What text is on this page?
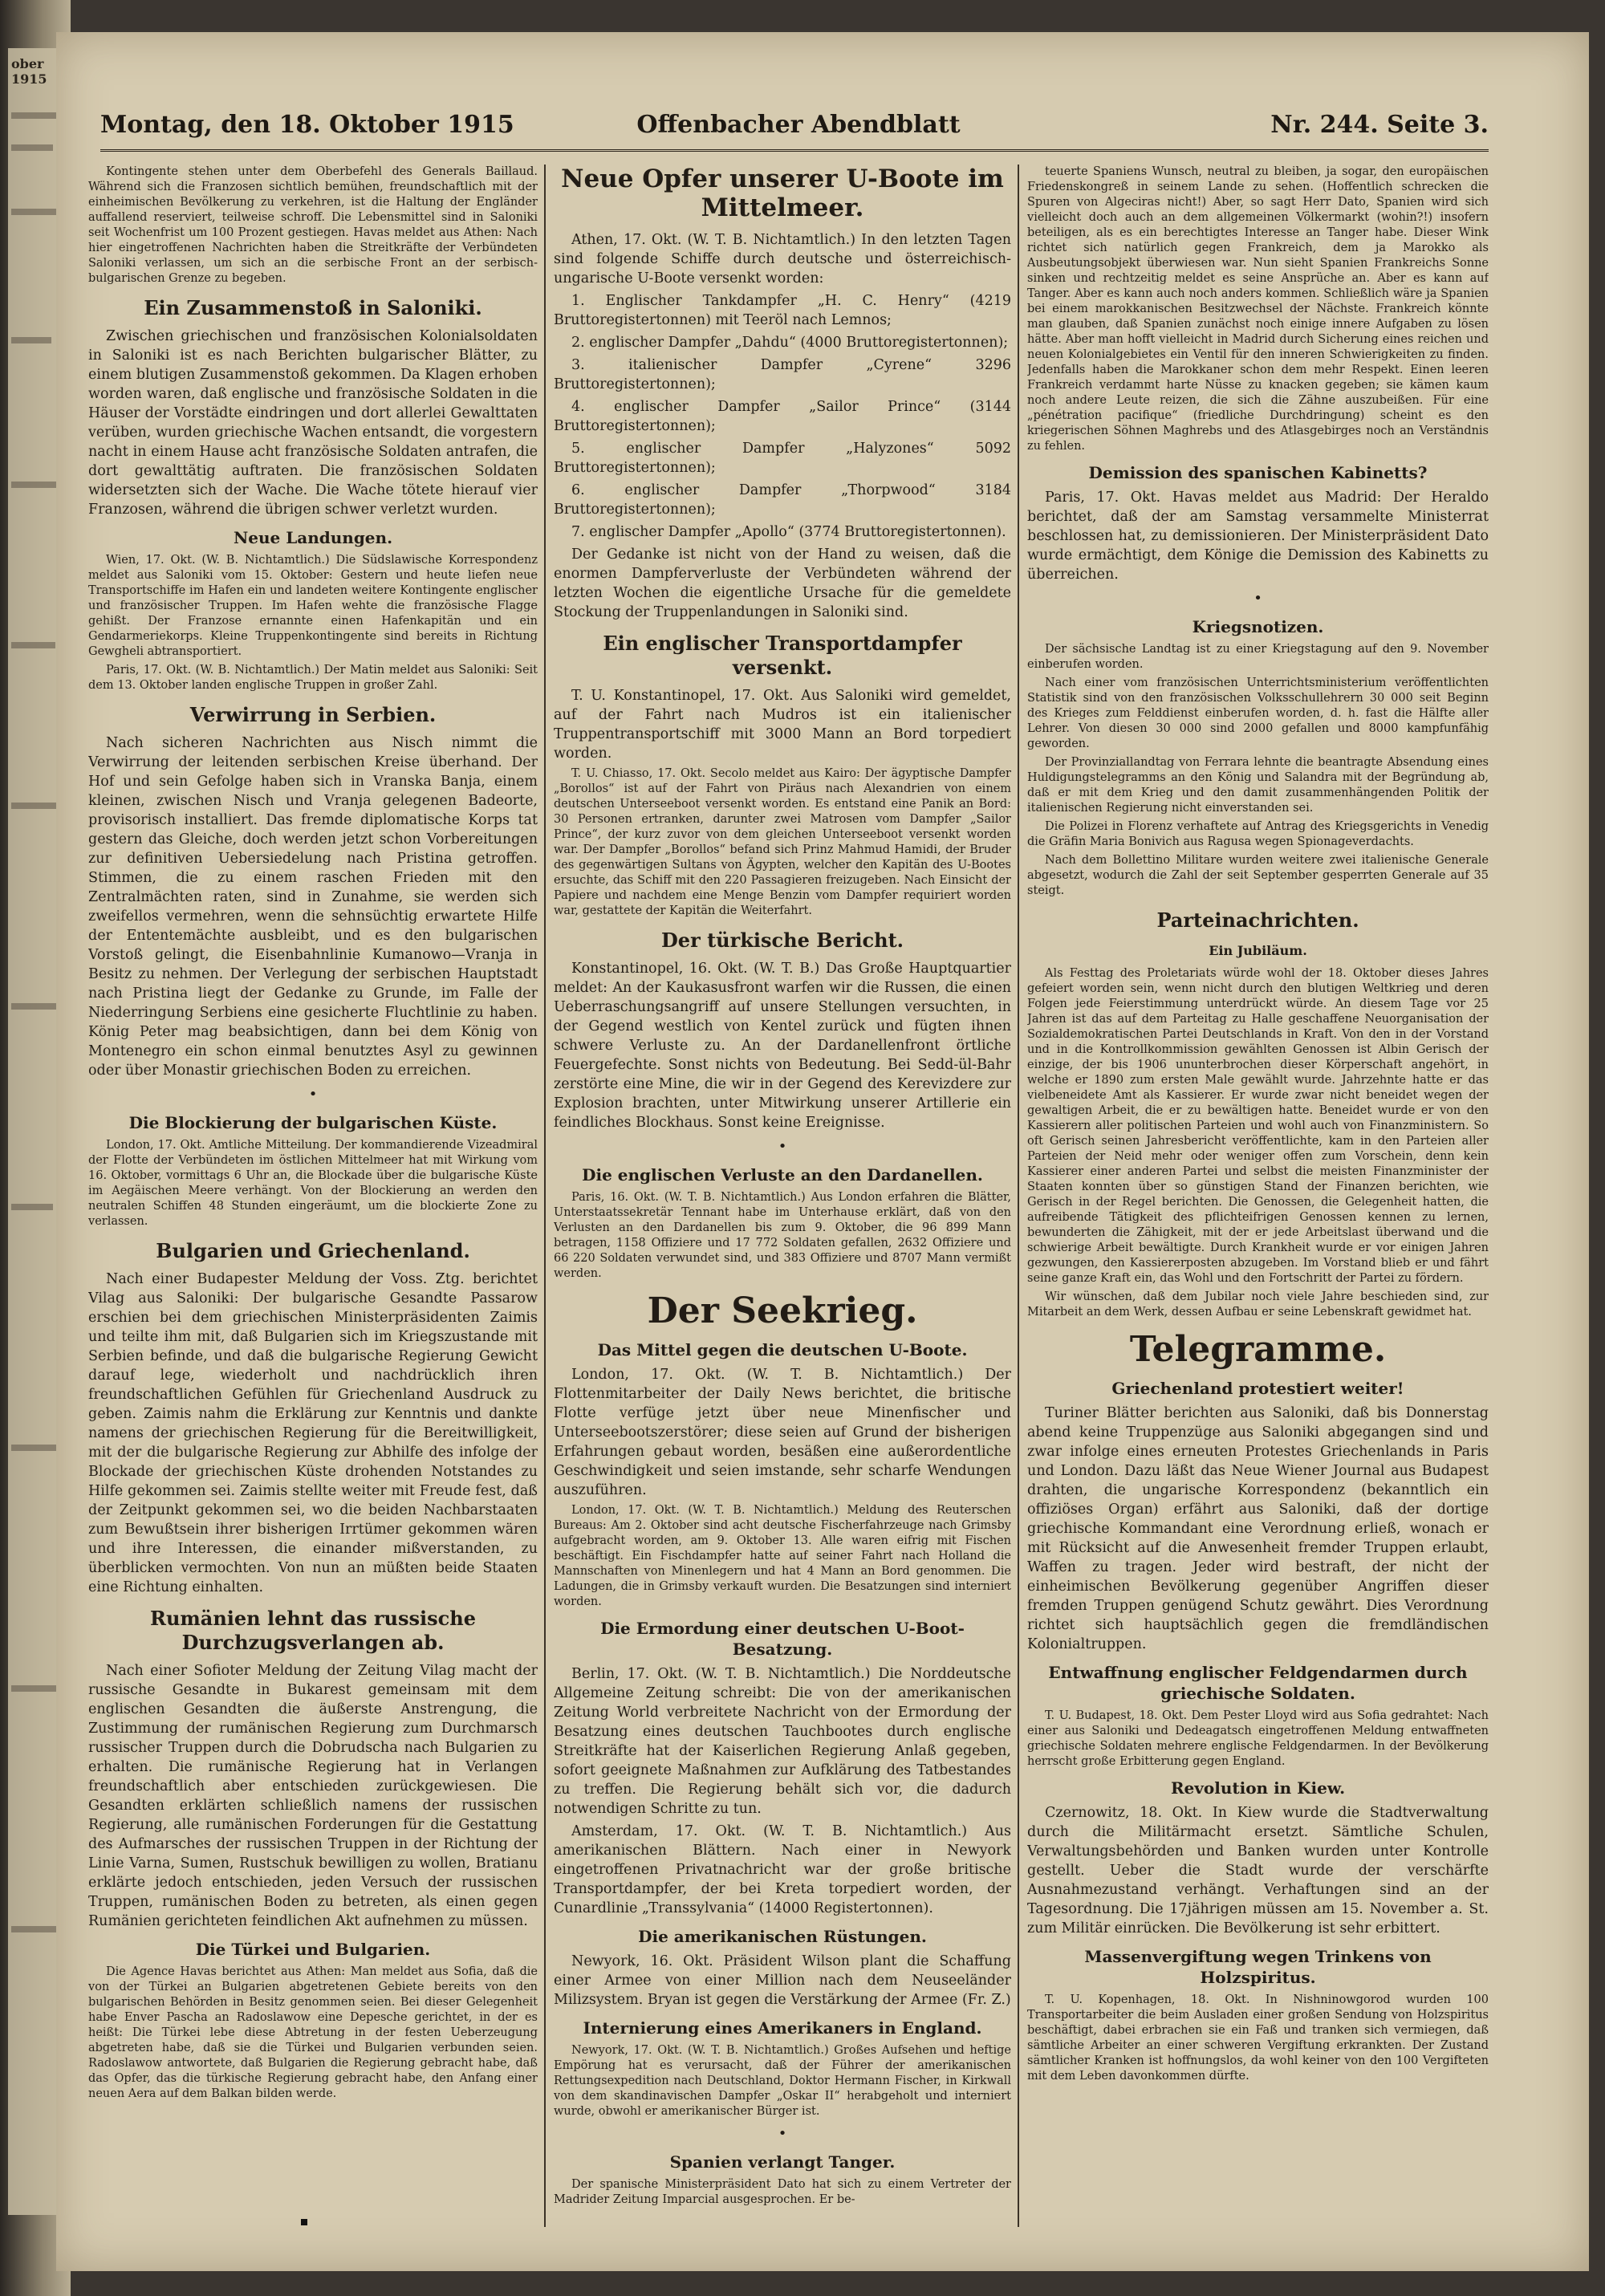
ober 1915
Montag, den 18. Oktober 1915	Offenbacher Abendblatt	Nr. 244. Seite 3.

Kontingente stehen unter dem Oberbefehl des Generals Baillaud. Während sich die Franzosen sichtlich bemühen, freundschaftlich mit der einheimischen Bevölkerung zu verkehren, ist die Haltung der Engländer auffallend reserviert, teilweise schroff. Die Lebensmittel sind in Saloniki seit Wochenfrist um 100 Prozent gestiegen. Havas meldet aus Athen: Nach hier eingetroffenen Nachrichten haben die Streitkräfte der Verbündeten Saloniki verlassen, um sich an die serbische Front an der serbisch-bulgarischen Grenze zu begeben.

Ein Zusammenstoß in Saloniki.

Zwischen griechischen und französischen Kolonialsoldaten in Saloniki ist es nach Berichten bulgarischer Blätter, zu einem blutigen Zusammenstoß gekommen. Da Klagen erhoben worden waren, daß englische und französische Soldaten in die Häuser der Vorstädte eindringen und dort allerlei Gewalttaten verüben, wurden griechische Wachen entsandt, die vorgestern nacht in einem Hause acht französische Soldaten antrafen, die dort gewalttätig auftraten. Die französischen Soldaten widersetzten sich der Wache. Die Wache tötete hierauf vier Franzosen, während die übrigen schwer verletzt wurden.

Neue Landungen.

Wien, 17. Okt. (W. B. Nichtamtlich.) Die Südslawische Korrespondenz meldet aus Saloniki vom 15. Oktober: Gestern und heute liefen neue Transportschiffe im Hafen ein und landeten weitere Kontingente englischer und französischer Truppen. Im Hafen wehte die französische Flagge gehißt. Der Franzose ernannte einen Hafenkapitän und ein Gendarmeriekorps. Kleine Truppenkontingente sind bereits in Richtung Gewgheli abtransportiert.

Paris, 17. Okt. (W. B. Nichtamtlich.) Der Matin meldet aus Saloniki: Seit dem 13. Oktober landen englische Truppen in großer Zahl.

Verwirrung in Serbien.

Nach sicheren Nachrichten aus Nisch nimmt die Verwirrung der leitenden serbischen Kreise überhand. Der Hof und sein Gefolge haben sich in Vranska Banja, einem kleinen, zwischen Nisch und Vranja gelegenen Badeorte, provisorisch installiert. Das fremde diplomatische Korps tat gestern das Gleiche, doch werden jetzt schon Vorbereitungen zur definitiven Uebersiedelung nach Pristina getroffen. Stimmen, die zu einem raschen Frieden mit den Zentralmächten raten, sind in Zunahme, sie werden sich zweifellos vermehren, wenn die sehnsüchtig erwartete Hilfe der Ententemächte ausbleibt, und es den bulgarischen Vorstoß gelingt, die Eisenbahnlinie Kumanowo—Vranja in Besitz zu nehmen. Der Verlegung der serbischen Hauptstadt nach Pristina liegt der Gedanke zu Grunde, im Falle der Niederringung Serbiens eine gesicherte Fluchtlinie zu haben. König Peter mag beabsichtigen, dann bei dem König von Montenegro ein schon einmal benutztes Asyl zu gewinnen oder über Monastir griechischen Boden zu erreichen.

•
Die Blockierung der bulgarischen Küste.

London, 17. Okt. Amtliche Mitteilung. Der kommandierende Vizeadmiral der Flotte der Verbündeten im östlichen Mittelmeer hat mit Wirkung vom 16. Oktober, vormittags 6 Uhr an, die Blockade über die bulgarische Küste im Aegäischen Meere verhängt. Von der Blockierung an werden den neutralen Schiffen 48 Stunden eingeräumt, um die blockierte Zone zu verlassen.

Bulgarien und Griechenland.

Nach einer Budapester Meldung der Voss. Ztg. berichtet Vilag aus Saloniki: Der bulgarische Gesandte Passarow erschien bei dem griechischen Ministerpräsidenten Zaimis und teilte ihm mit, daß Bulgarien sich im Kriegszustande mit Serbien befinde, und daß die bulgarische Regierung Gewicht darauf lege, wiederholt und nachdrücklich ihren freundschaftlichen Gefühlen für Griechenland Ausdruck zu geben. Zaimis nahm die Erklärung zur Kenntnis und dankte namens der griechischen Regierung für die Bereitwilligkeit, mit der die bulgarische Regierung zur Abhilfe des infolge der Blockade der griechischen Küste drohenden Notstandes zu Hilfe gekommen sei. Zaimis stellte weiter mit Freude fest, daß der Zeitpunkt gekommen sei, wo die beiden Nachbarstaaten zum Bewußtsein ihrer bisherigen Irrtümer gekommen wären und ihre Interessen, die einander mißverstanden, zu überblicken vermochten. Von nun an müßten beide Staaten eine Richtung einhalten.

Rumänien lehnt das russische Durchzugsverlangen ab.

Nach einer Sofioter Meldung der Zeitung Vilag macht der russische Gesandte in Bukarest gemeinsam mit dem englischen Gesandten die äußerste Anstrengung, die Zustimmung der rumänischen Regierung zum Durchmarsch russischer Truppen durch die Dobrudscha nach Bulgarien zu erhalten. Die rumänische Regierung hat in Verlangen freundschaftlich aber entschieden zurückgewiesen. Die Gesandten erklärten schließlich namens der russischen Regierung, alle rumänischen Forderungen für die Gestattung des Aufmarsches der russischen Truppen in der Richtung der Linie Varna, Sumen, Rustschuk bewilligen zu wollen, Bratianu erklärte jedoch entschieden, jeden Versuch der russischen Truppen, rumänischen Boden zu betreten, als einen gegen Rumänien gerichteten feindlichen Akt aufnehmen zu müssen.

Die Türkei und Bulgarien.

Die Agence Havas berichtet aus Athen: Man meldet aus Sofia, daß die von der Türkei an Bulgarien abgetretenen Gebiete bereits von den bulgarischen Behörden in Besitz genommen seien. Bei dieser Gelegenheit habe Enver Pascha an Radoslawow eine Depesche gerichtet, in der es heißt: Die Türkei lebe diese Abtretung in der festen Ueberzeugung abgetreten habe, daß sie die Türkei und Bulgarien verbunden seien. Radoslawow antwortete, daß Bulgarien die Regierung gebracht habe, daß das Opfer, das die türkische Regierung gebracht habe, den Anfang einer neuen Aera auf dem Balkan bilden werde.

Neue Opfer unserer U-Boote im Mittelmeer.

Athen, 17. Okt. (W. T. B. Nichtamtlich.) In den letzten Tagen sind folgende Schiffe durch deutsche und österreichisch-ungarische U-Boote versenkt worden:

1. Englischer Tankdampfer „H. C. Henry“ (4219 Bruttoregistertonnen) mit Teeröl nach Lemnos;

2. englischer Dampfer „Dahdu“ (4000 Bruttoregistertonnen);

3. italienischer Dampfer „Cyrene“ 3296 Bruttoregistertonnen);

4. englischer Dampfer „Sailor Prince“ (3144 Bruttoregistertonnen);

5. englischer Dampfer „Halyzones“ 5092 Bruttoregistertonnen);

6. englischer Dampfer „Thorpwood“ 3184 Bruttoregistertonnen);

7. englischer Dampfer „Apollo“ (3774 Bruttoregistertonnen).

Der Gedanke ist nicht von der Hand zu weisen, daß die enormen Dampferverluste der Verbündeten während der letzten Wochen die eigentliche Ursache für die gemeldete Stockung der Truppenlandungen in Saloniki sind.

Ein englischer Transportdampfer versenkt.

T. U. Konstantinopel, 17. Okt. Aus Saloniki wird gemeldet, auf der Fahrt nach Mudros ist ein italienischer Truppentransportschiff mit 3000 Mann an Bord torpediert worden.

T. U. Chiasso, 17. Okt. Secolo meldet aus Kairo: Der ägyptische Dampfer „Borollos“ ist auf der Fahrt von Piräus nach Alexandrien von einem deutschen Unterseeboot versenkt worden. Es entstand eine Panik an Bord: 30 Personen ertranken, darunter zwei Matrosen vom Dampfer „Sailor Prince“, der kurz zuvor von dem gleichen Unterseeboot versenkt worden war. Der Dampfer „Borollos“ befand sich Prinz Mahmud Hamidi, der Bruder des gegenwärtigen Sultans von Ägypten, welcher den Kapitän des U-Bootes ersuchte, das Schiff mit den 220 Passagieren freizugeben. Nach Einsicht der Papiere und nachdem eine Menge Benzin vom Dampfer requiriert worden war, gestattete der Kapitän die Weiterfahrt.

Der türkische Bericht.

Konstantinopel, 16. Okt. (W. T. B.) Das Große Hauptquartier meldet: An der Kaukasusfront warfen wir die Russen, die einen Ueberraschungsangriff auf unsere Stellungen versuchten, in der Gegend westlich von Kentel zurück und fügten ihnen schwere Verluste zu. An der Dardanellenfront örtliche Feuergefechte. Sonst nichts von Bedeutung. Bei Sedd-ül-Bahr zerstörte eine Mine, die wir in der Gegend des Kerevizdere zur Explosion brachten, unter Mitwirkung unserer Artillerie ein feindliches Blockhaus. Sonst keine Ereignisse.

•
Die englischen Verluste an den Dardanellen.

Paris, 16. Okt. (W. T. B. Nichtamtlich.) Aus London erfahren die Blätter, Unterstaatssekretär Tennant habe im Unterhause erklärt, daß von den Verlusten an den Dardanellen bis zum 9. Oktober, die 96 899 Mann betragen, 1158 Offiziere und 17 772 Soldaten gefallen, 2632 Offiziere und 66 220 Soldaten verwundet sind, und 383 Offiziere und 8707 Mann vermißt werden.

Der Seekrieg.
Das Mittel gegen die deutschen U-Boote.

London, 17. Okt. (W. T. B. Nichtamtlich.) Der Flottenmitarbeiter der Daily News berichtet, die britische Flotte verfüge jetzt über neue Minenfischer und Unterseebootszerstörer; diese seien auf Grund der bisherigen Erfahrungen gebaut worden, besäßen eine außerordentliche Geschwindigkeit und seien imstande, sehr scharfe Wendungen auszuführen.

London, 17. Okt. (W. T. B. Nichtamtlich.) Meldung des Reuterschen Bureaus: Am 2. Oktober sind acht deutsche Fischerfahrzeuge nach Grimsby aufgebracht worden, am 9. Oktober 13. Alle waren eifrig mit Fischen beschäftigt. Ein Fischdampfer hatte auf seiner Fahrt nach Holland die Mannschaften von Minenlegern und hat 4 Mann an Bord genommen. Die Ladungen, die in Grimsby verkauft wurden. Die Besatzungen sind interniert worden.

Die Ermordung einer deutschen U-Boot-Besatzung.

Berlin, 17. Okt. (W. T. B. Nichtamtlich.) Die Norddeutsche Allgemeine Zeitung schreibt: Die von der amerikanischen Zeitung World verbreitete Nachricht von der Ermordung der Besatzung eines deutschen Tauchbootes durch englische Streitkräfte hat der Kaiserlichen Regierung Anlaß gegeben, sofort geeignete Maßnahmen zur Aufklärung des Tatbestandes zu treffen. Die Regierung behält sich vor, die dadurch notwendigen Schritte zu tun.

Amsterdam, 17. Okt. (W. T. B. Nichtamtlich.) Aus amerikanischen Blättern. Nach einer in Newyork eingetroffenen Privatnachricht war der große britische Transportdampfer, der bei Kreta torpediert worden, der Cunardlinie „Transsylvania“ (14000 Registertonnen).

Die amerikanischen Rüstungen.

Newyork, 16. Okt. Präsident Wilson plant die Schaffung einer Armee von einer Million nach dem Neuseeländer Milizsystem. Bryan ist gegen die Verstärkung der Armee (Fr. Z.)

Internierung eines Amerikaners in England.

Newyork, 17. Okt. (W. T. B. Nichtamtlich.) Großes Aufsehen und heftige Empörung hat es verursacht, daß der Führer der amerikanischen Rettungsexpedition nach Deutschland, Doktor Hermann Fischer, in Kirkwall von dem skandinavischen Dampfer „Oskar II“ herabgeholt und interniert wurde, obwohl er amerikanischer Bürger ist.

•
Spanien verlangt Tanger.

Der spanische Ministerpräsident Dato hat sich zu einem Vertreter der Madrider Zeitung Imparcial ausgesprochen. Er be-

teuerte Spaniens Wunsch, neutral zu bleiben, ja sogar, den europäischen Friedenskongreß in seinem Lande zu sehen. (Hoffentlich schrecken die Spuren von Algeciras nicht!) Aber, so sagt Herr Dato, Spanien wird sich vielleicht doch auch an dem allgemeinen Völkermarkt (wohin?!) insofern beteiligen, als es ein berechtigtes Interesse an Tanger habe. Dieser Wink richtet sich natürlich gegen Frankreich, dem ja Marokko als Ausbeutungsobjekt überwiesen war. Nun sieht Spanien Frankreichs Sonne sinken und rechtzeitig meldet es seine Ansprüche an. Aber es kann auf Tanger. Aber es kann auch noch anders kommen. Schließlich wäre ja Spanien bei einem marokkanischen Besitzwechsel der Nächste. Frankreich könnte man glauben, daß Spanien zunächst noch einige innere Aufgaben zu lösen hätte. Aber man hofft vielleicht in Madrid durch Sicherung eines reichen und neuen Kolonialgebietes ein Ventil für den inneren Schwierigkeiten zu finden. Jedenfalls haben die Marokkaner schon dem mehr Respekt. Einen leeren Frankreich verdammt harte Nüsse zu knacken gegeben; sie kämen kaum noch andere Leute reizen, die sich die Zähne auszubeißen. Für eine „pénétration pacifique“ (friedliche Durchdringung) scheint es den kriegerischen Söhnen Maghrebs und des Atlasgebirges noch an Verständnis zu fehlen.

Demission des spanischen Kabinetts?

Paris, 17. Okt. Havas meldet aus Madrid: Der Heraldo berichtet, daß der am Samstag versammelte Ministerrat beschlossen hat, zu demissionieren. Der Ministerpräsident Dato wurde ermächtigt, dem Könige die Demission des Kabinetts zu überreichen.

•
Kriegsnotizen.

Der sächsische Landtag ist zu einer Kriegstagung auf den 9. November einberufen worden.

Nach einer vom französischen Unterrichtsministerium veröffentlichten Statistik sind von den französischen Volksschullehrern 30 000 seit Beginn des Krieges zum Felddienst einberufen worden, d. h. fast die Hälfte aller Lehrer. Von diesen 30 000 sind 2000 gefallen und 8000 kampfunfähig geworden.

Der Provinziallandtag von Ferrara lehnte die beantragte Absendung eines Huldigungstelegramms an den König und Salandra mit der Begründung ab, daß er mit dem Krieg und den damit zusammenhängenden Politik der italienischen Regierung nicht einverstanden sei.

Die Polizei in Florenz verhaftete auf Antrag des Kriegsgerichts in Venedig die Gräfin Maria Bonivich aus Ragusa wegen Spionageverdachts.

Nach dem Bollettino Militare wurden weitere zwei italienische Generale abgesetzt, wodurch die Zahl der seit September gesperrten Generale auf 35 steigt.

Parteinachrichten.
Ein Jubiläum.

Als Festtag des Proletariats würde wohl der 18. Oktober dieses Jahres gefeiert worden sein, wenn nicht durch den blutigen Weltkrieg und deren Folgen jede Feierstimmung unterdrückt würde. An diesem Tage vor 25 Jahren ist das auf dem Parteitag zu Halle geschaffene Neuorganisation der Sozialdemokratischen Partei Deutschlands in Kraft. Von den in der Vorstand und in die Kontrollkommission gewählten Genossen ist Albin Gerisch der einzige, der bis 1906 ununterbrochen dieser Körperschaft angehört, in welche er 1890 zum ersten Male gewählt wurde. Jahrzehnte hatte er das vielbeneidete Amt als Kassierer. Er wurde zwar nicht beneidet wegen der gewaltigen Arbeit, die er zu bewältigen hatte. Beneidet wurde er von den Kassierern aller politischen Parteien und wohl auch von Finanzministern. So oft Gerisch seinen Jahresbericht veröffentlichte, kam in den Parteien aller Parteien der Neid mehr oder weniger offen zum Vorschein, denn kein Kassierer einer anderen Partei und selbst die meisten Finanzminister der Staaten konnten über so günstigen Stand der Finanzen berichten, wie Gerisch in der Regel berichten. Die Genossen, die Gelegenheit hatten, die aufreibende Tätigkeit des pflichteifrigen Genossen kennen zu lernen, bewunderten die Zähigkeit, mit der er jede Arbeitslast überwand und die schwierige Arbeit bewältigte. Durch Krankheit wurde er vor einigen Jahren gezwungen, den Kassiererposten abzugeben. Im Vorstand blieb er und fährt seine ganze Kraft ein, das Wohl und den Fortschritt der Partei zu fördern.

Wir wünschen, daß dem Jubilar noch viele Jahre beschieden sind, zur Mitarbeit an dem Werk, dessen Aufbau er seine Lebenskraft gewidmet hat.

Telegramme.
Griechenland protestiert weiter!

Turiner Blätter berichten aus Saloniki, daß bis Donnerstag abend keine Truppenzüge aus Saloniki abgegangen sind und zwar infolge eines erneuten Protestes Griechenlands in Paris und London. Dazu läßt das Neue Wiener Journal aus Budapest drahten, die ungarische Korrespondenz (bekanntlich ein offiziöses Organ) erfährt aus Saloniki, daß der dortige griechische Kommandant eine Verordnung erließ, wonach er mit Rücksicht auf die Anwesenheit fremder Truppen erlaubt, Waffen zu tragen. Jeder wird bestraft, der nicht der einheimischen Bevölkerung gegenüber Angriffen dieser fremden Truppen genügend Schutz gewährt. Dies Verordnung richtet sich hauptsächlich gegen die fremdländischen Kolonialtruppen.

Entwaffnung englischer Feldgendarmen durch griechische Soldaten.

T. U. Budapest, 18. Okt. Dem Pester Lloyd wird aus Sofia gedrahtet: Nach einer aus Saloniki und Dedeagatsch eingetroffenen Meldung entwaffneten griechische Soldaten mehrere englische Feldgendarmen. In der Bevölkerung herrscht große Erbitterung gegen England.

Revolution in Kiew.

Czernowitz, 18. Okt. In Kiew wurde die Stadtverwaltung durch die Militärmacht ersetzt. Sämtliche Schulen, Verwaltungsbehörden und Banken wurden unter Kontrolle gestellt. Ueber die Stadt wurde der verschärfte Ausnahmezustand verhängt. Verhaftungen sind an der Tagesordnung. Die 17jährigen müssen am 15. November a. St. zum Militär einrücken. Die Bevölkerung ist sehr erbittert.

Massenvergiftung wegen Trinkens von Holzspiritus.

T. U. Kopenhagen, 18. Okt. In Nishninowgorod wurden 100 Transportarbeiter die beim Ausladen einer großen Sendung von Holzspiritus beschäftigt, dabei erbrachen sie ein Faß und tranken sich vermiegen, daß sämtliche Arbeiter an einer schweren Vergiftung erkrankten. Der Zustand sämtlicher Kranken ist hoffnungslos, da wohl keiner von den 100 Vergifteten mit dem Leben davonkommen dürfte.
